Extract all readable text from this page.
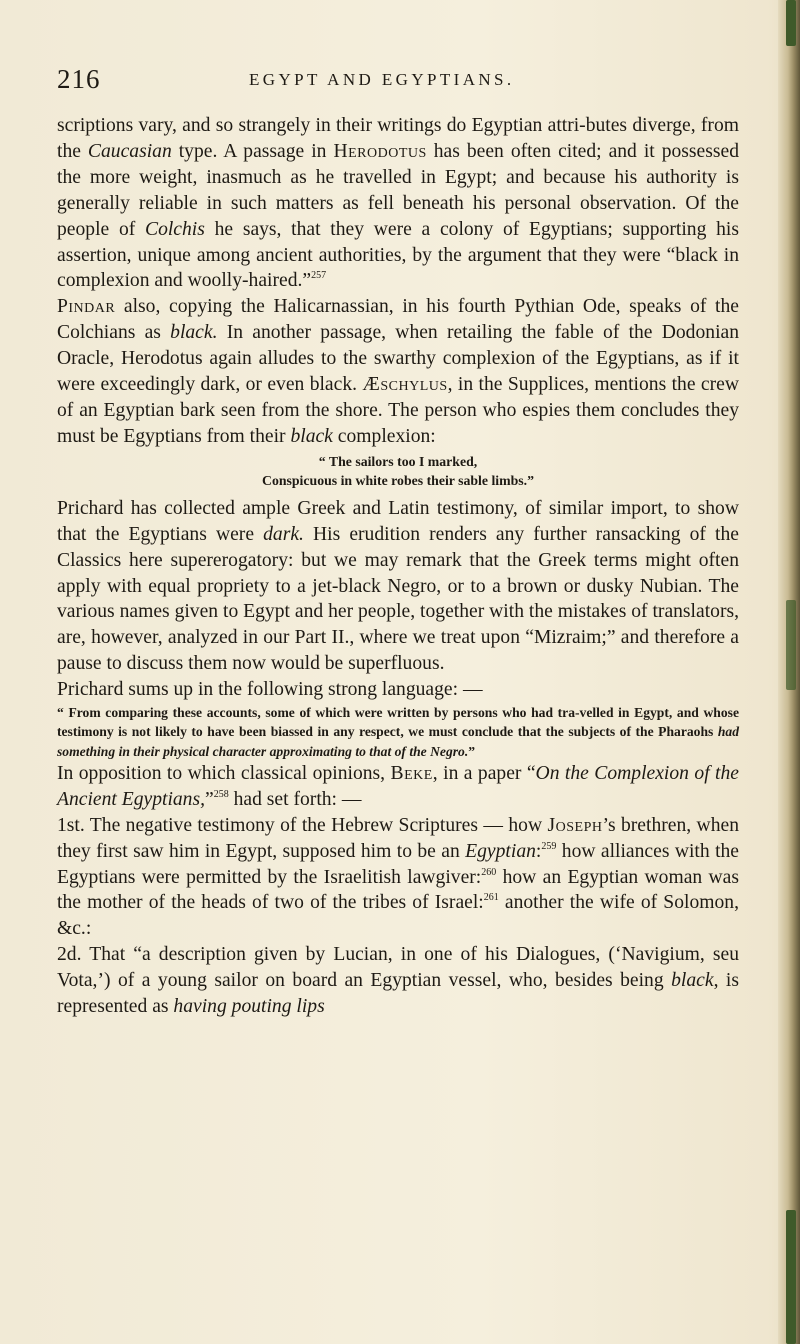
216	EGYPT AND EGYPTIANS.

scriptions vary, and so strangely in their writings do Egyptian attri-butes diverge, from the Caucasian type. A passage in Herodotus has been often cited; and it possessed the more weight, inasmuch as he travelled in Egypt; and because his authority is generally reliable in such matters as fell beneath his personal observation. Of the people of Colchis he says, that they were a colony of Egyptians; supporting his assertion, unique among ancient authorities, by the argument that they were “black in complexion and woolly-haired.”$^{257}$

Pindar also, copying the Halicarnassian, in his fourth Pythian Ode, speaks of the Colchians as black. In another passage, when retailing the fable of the Dodonian Oracle, Herodotus again alludes to the swarthy complexion of the Egyptians, as if it were exceedingly dark, or even black. Æschylus, in the Supplices, mentions the crew of an Egyptian bark seen from the shore. The person who espies them concludes they must be Egyptians from their black complexion:

“ The sailors too I marked,
Conspicuous in white robes their sable limbs.”

Prichard has collected ample Greek and Latin testimony, of similar import, to show that the Egyptians were dark. His erudition renders any further ransacking of the Classics here supererogatory: but we may remark that the Greek terms might often apply with equal propriety to a jet-black Negro, or to a brown or dusky Nubian. The various names given to Egypt and her people, together with the mistakes of translators, are, however, analyzed in our Part II., where we treat upon “Mizraim;” and therefore a pause to discuss them now would be superfluous.

Prichard sums up in the following strong language: —

“ From comparing these accounts, some of which were written by persons who had tra-velled in Egypt, and whose testimony is not likely to have been biassed in any respect, we must conclude that the subjects of the Pharaohs had something in their physical character approximating to that of the Negro.”

In opposition to which classical opinions, Beke, in a paper “On the Complexion of the Ancient Egyptians,”$^{258}$ had set forth: —

1st. The negative testimony of the Hebrew Scriptures — how Joseph’s brethren, when they first saw him in Egypt, supposed him to be an Egyptian:$^{259}$ how alliances with the Egyptians were permitted by the Israelitish lawgiver:$^{260}$ how an Egyptian woman was the mother of the heads of two of the tribes of Israel:$^{261}$ another the wife of Solomon, &c.:

2d. That “a description given by Lucian, in one of his Dialogues, (‘Navigium, seu Vota,’) of a young sailor on board an Egyptian vessel, who, besides being black, is represented as having pouting lips
